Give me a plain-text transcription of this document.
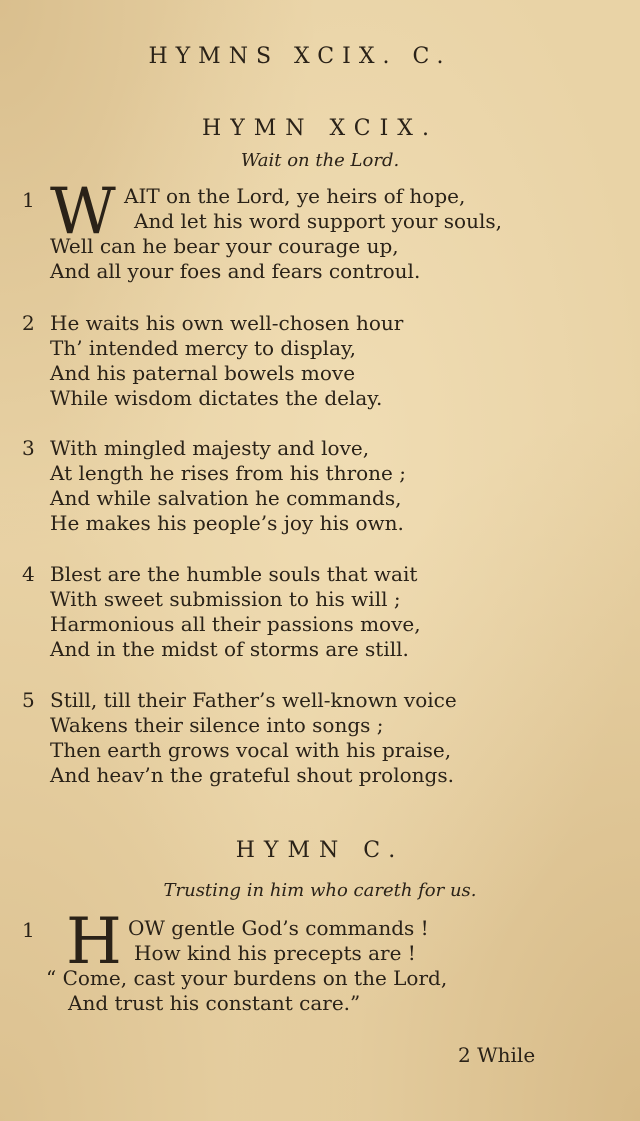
HYMNS XCIX. C.
HYMN XCIX.
Wait on the Lord.
1 W AIT on the Lord, ye heirs of hope,
And let his word support your souls,
Well can he bear your courage up,
And all your foes and fears controul.
2 He waits his own well-chosen hour
Th’ intended mercy to display,
And his paternal bowels move
While wisdom dictates the delay.
3 With mingled majesty and love,
At length he rises from his throne ;
And while salvation he commands,
He makes his people’s joy his own.
4 Blest are the humble souls that wait
With sweet submission to his will ;
Harmonious all their passions move,
And in the midst of storms are still.
5 Still, till their Father’s well-known voice
Wakens their silence into songs ;
Then earth grows vocal with his praise,
And heav’n the grateful shout prolongs.
HYMN C.
Trusting in him who careth for us.
1 H OW gentle God’s commands !
How kind his precepts are !
“ Come, cast your burdens on the Lord,
And trust his constant care.”
2 While
